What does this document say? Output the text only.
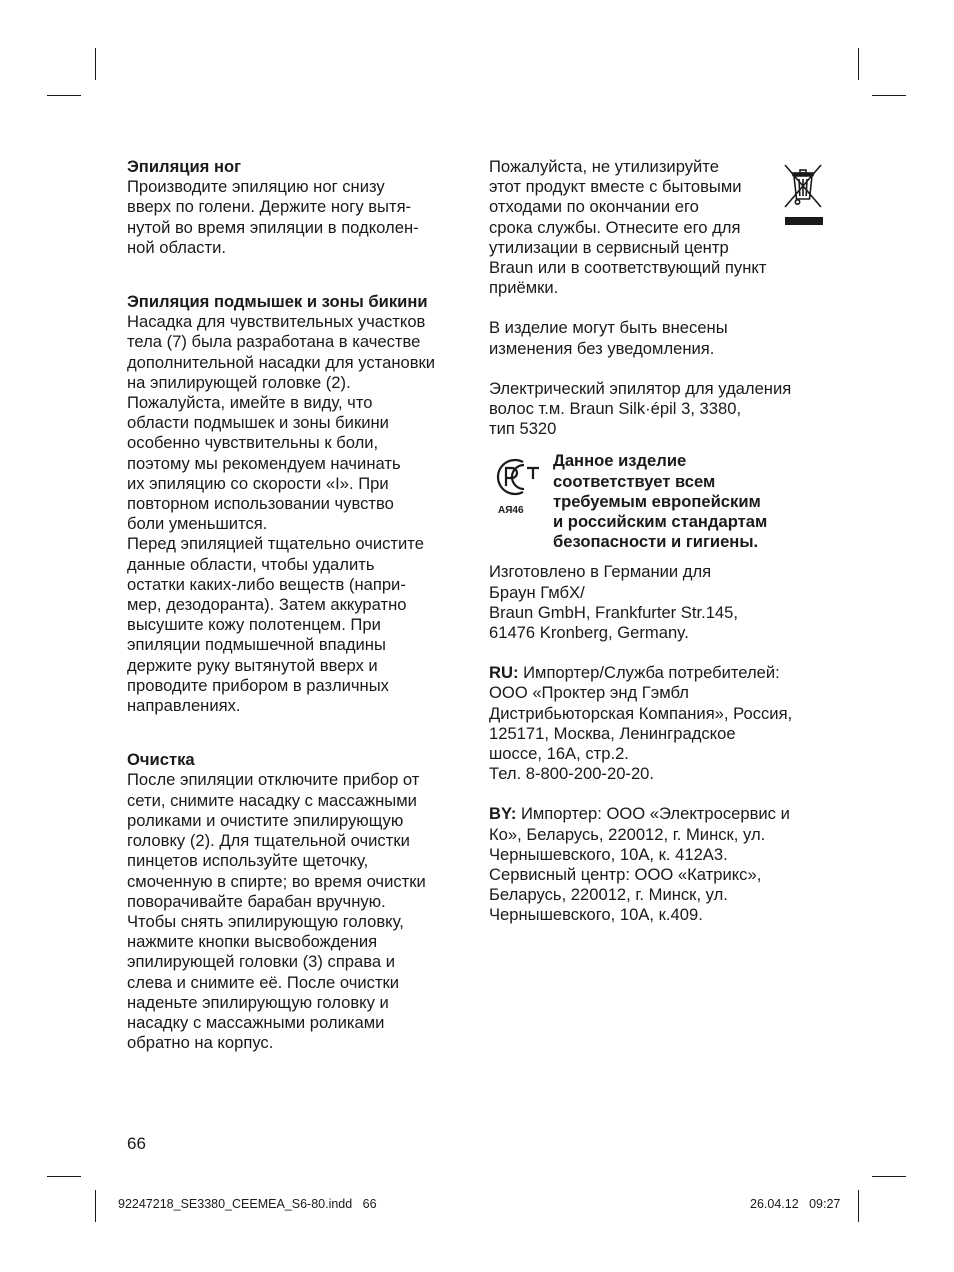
Эпиляция ног
Производите эпиляцию ног снизу
вверх по голени. Держите ногу вытя-
нутой во время эпиляции в подколен-
ной области.
Эпиляция подмышек и зоны бикини
Насадка для чувствительных участков
тела (7) была разработана в качестве
дополнительной насадки для установки
на эпилирующей головке (2).
Пожалуйста, имейте в виду, что
области подмышек и зоны бикини
особенно чувствительны к боли,
поэтому мы рекомендуем начинать
их эпиляцию со скорости «I». При
повторном использовании чувство
боли уменьшится.
Перед эпиляцией тщательно очистите
данные области, чтобы удалить
остатки каких-либо веществ (напри-
мер, дезодоранта). Затем аккуратно
высушите кожу полотенцем. При
эпиляции подмышечной впадины
держите руку вытянутой вверх и
проводите прибором в различных
направлениях.
Очистка
После эпиляции отключите прибор от
сети, снимите насадку с массажными
роликами и очистите эпилирующую
головку (2). Для тщательной очистки
пинцетов используйте щеточку,
смоченную в спирте; во время очистки
поворачивайте барабан вручную.
Чтобы снять эпилирующую головку,
нажмите кнопки высвобождения
эпилирующей головки (3) справа и
слева и снимите её. После очистки
наденьте эпилирующую головку и
насадку с массажными роликами
обратно на корпус.
Пожалуйста, не утилизируйте
этот продукт вместе с бытовыми
отходами по окончании его
срока службы. Отнесите его для
утилизации в сервисный центр
Braun или в соответствующий пункт
приёмки.
В изделие могут быть внесены
изменения без уведомления.
Электрический эпилятор для удаления
волос т.м. Braun Silk·épil 3, 3380,
тип 5320
АЯ46
Данное изделие
соответствует всем
требуемым европейским
и российским стандартам
безопасности и гигиены.
Изготовлено в Германии для
Браун ГмбХ/
Braun GmbH, Frankfurter Str.145,
61476 Kronberg, Germany.
RU: Импортер/Служба потребителей:
ООО «Проктер энд Гэмбл
Дистрибьюторская Компания», Россия,
125171, Москва, Ленинградское
шоссе, 16А, стр.2.
Тел. 8-800-200-20-20.
BY: Импортер: ООО «Электросервис и
Ко», Беларусь, 220012, г. Минск, ул.
Чернышевского, 10А, к. 412А3.
Сервисный центр: ООО «Катрикс»,
Беларусь, 220012, г. Минск, ул.
Чернышевского, 10А, к.409.
66
92247218_SE3380_CEEMEA_S6-80.indd   66	26.04.12   09:27
